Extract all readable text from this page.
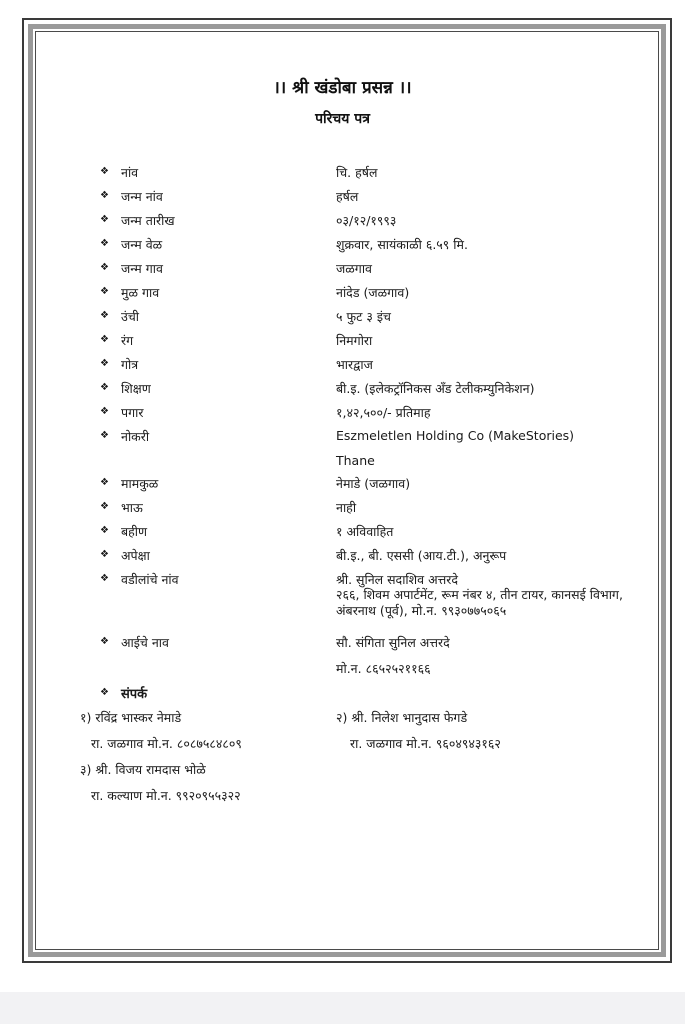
।। श्री खंडोबा प्रसन्न ।।
परिचय पत्र
❖ नांव	चि. हर्षल
❖ जन्म नांव	हर्षल
❖ जन्म तारीख	०३/१२/१९९३
❖ जन्म वेळ	शुक्रवार, सायंकाळी ६.५९ मि.
❖ जन्म गाव	जळगाव
❖ मुळ गाव	नांदेड (जळगाव)
❖ उंची	५ फुट ३ इंच
❖ रंग	निमगोरा
❖ गोत्र	भारद्वाज
❖ शिक्षण	बी.इ. (इलेकट्रॉनिकस अँड टेलीकम्युनिकेशन)
❖ पगार	१,४२,५००/- प्रतिमाह
❖ नोकरी	Eszmeletlen Holding Co (MakeStories)
Thane
❖ मामकुळ	नेमाडे (जळगाव)
❖ भाऊ	नाही
❖ बहीण	१ अविवाहित
❖ अपेक्षा	बी.इ., बी. एससी (आय.टी.), अनुरूप
❖ वडीलांचे नांव	श्री. सुनिल सदाशिव अत्तरदे
२६६, शिवम अपार्टमेंट, रूम नंबर ४, तीन टायर, कानसई विभाग, अंबरनाथ (पूर्व), मो.न. ९९३०७७५०६५
❖ आईचे नाव	सौ. संगिता सुनिल अत्तरदे
मो.न. ८६५२५२११६६
❖ संपर्क
१) रविंद्र भास्कर नेमाडे
रा. जळगाव मो.न. ८०८७५८४८०९
२) श्री. निलेश भानुदास फेगडे
रा. जळगाव मो.न. ९६०४९४३१६२
३) श्री. विजय रामदास भोळे
रा. कल्याण मो.न. ९९२०९५५३२२
